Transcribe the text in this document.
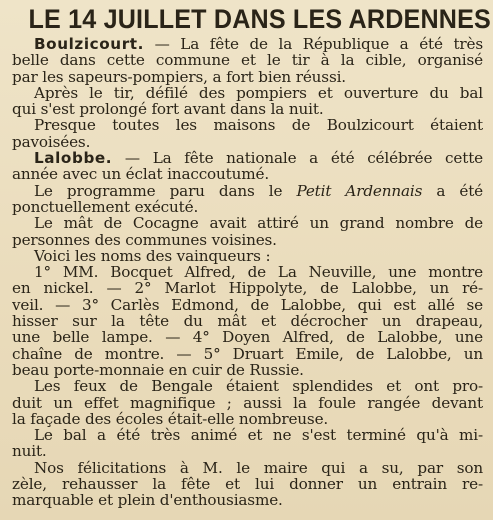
LE 14 JUILLET DANS LES ARDENNES
Boulzicourt. — La fête de la République a été très
belle dans cette commune et le tir à la cible, organisé
par les sapeurs-pompiers, a fort bien réussi.
Après le tir, défilé des pompiers et ouverture du bal
qui s'est prolongé fort avant dans la nuit.
Presque toutes les maisons de Boulzicourt étaient
pavoisées.
Lalobbe. — La fête nationale a été célébrée cette
année avec un éclat inaccoutumé.
Le programme paru dans le Petit Ardennais a été
ponctuellement exécuté.
Le mât de Cocagne avait attiré un grand nombre de
personnes des communes voisines.
Voici les noms des vainqueurs :
1° MM. Bocquet Alfred, de La Neuville, une montre
en nickel. — 2° Marlot Hippolyte, de Lalobbe, un ré-
veil. — 3° Carlès Edmond, de Lalobbe, qui est allé se
hisser sur la tête du mât et décrocher un drapeau,
une belle lampe. — 4° Doyen Alfred, de Lalobbe, une
chaîne de montre. — 5° Druart Emile, de Lalobbe, un
beau porte-monnaie en cuir de Russie.
Les feux de Bengale étaient splendides et ont pro-
duit un effet magnifique ; aussi la foule rangée devant
la façade des écoles était-elle nombreuse.
Le bal a été très animé et ne s'est terminé qu'à mi-
nuit.
Nos félicitations à M. le maire qui a su, par son
zèle, rehausser la fête et lui donner un entrain re-
marquable et plein d'enthousiasme.
